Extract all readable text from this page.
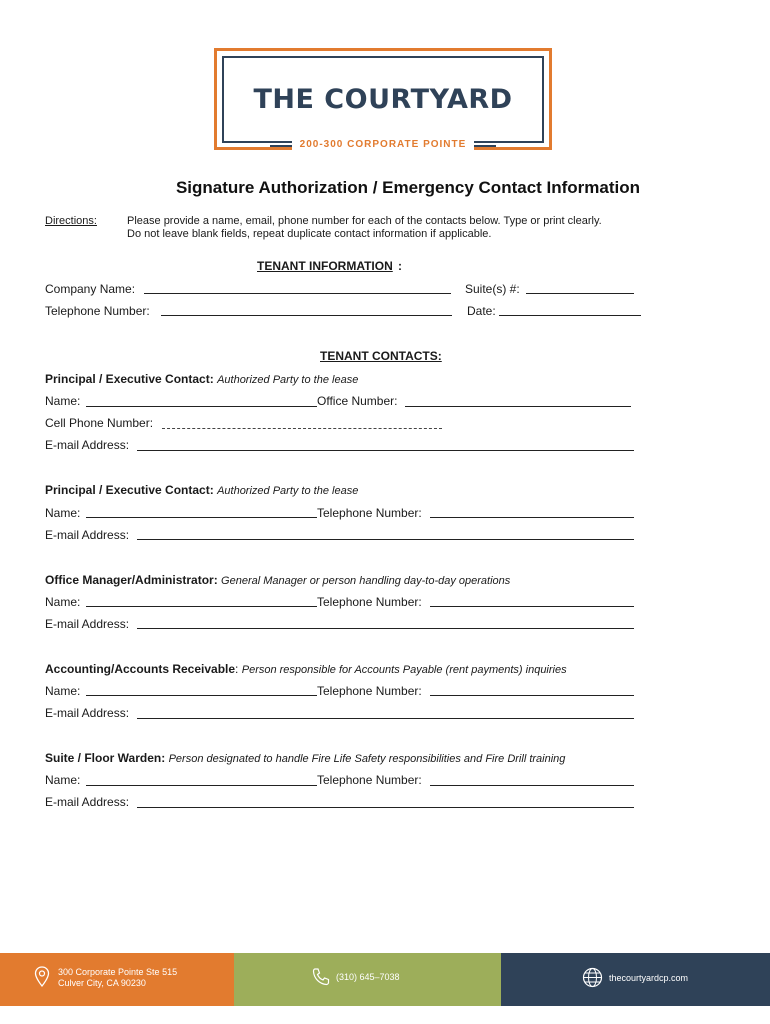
THE COURTYARD
200-300 CORPORATE POINTE
Signature Authorization / Emergency Contact Information
Directions:	Please provide a name, email, phone number for each of the contacts below. Type or print clearly.
Do not leave blank fields, repeat duplicate contact information if applicable.
TENANT INFORMATION :
Company Name:	Suite(s) #:
Telephone Number:	Date:
TENANT CONTACTS:
Principal / Executive Contact: Authorized Party to the lease
Name:	Office Number:
Cell Phone Number:
E-mail Address:
Principal / Executive Contact: Authorized Party to the lease
Name:	Telephone Number:
E-mail Address:
Office Manager/Administrator: General Manager or person handling day-to-day operations
Name:	Telephone Number:
E-mail Address:
Accounting/Accounts Receivable: Person responsible for Accounts Payable (rent payments) inquiries
Name:	Telephone Number:
E-mail Address:
Suite / Floor Warden: Person designated to handle Fire Life Safety responsibilities and Fire Drill training
Name:	Telephone Number:
E-mail Address:
300 Corporate Pointe Ste 515
Culver City, CA 90230
(310) 645–7038	thecourtyardcp.com
